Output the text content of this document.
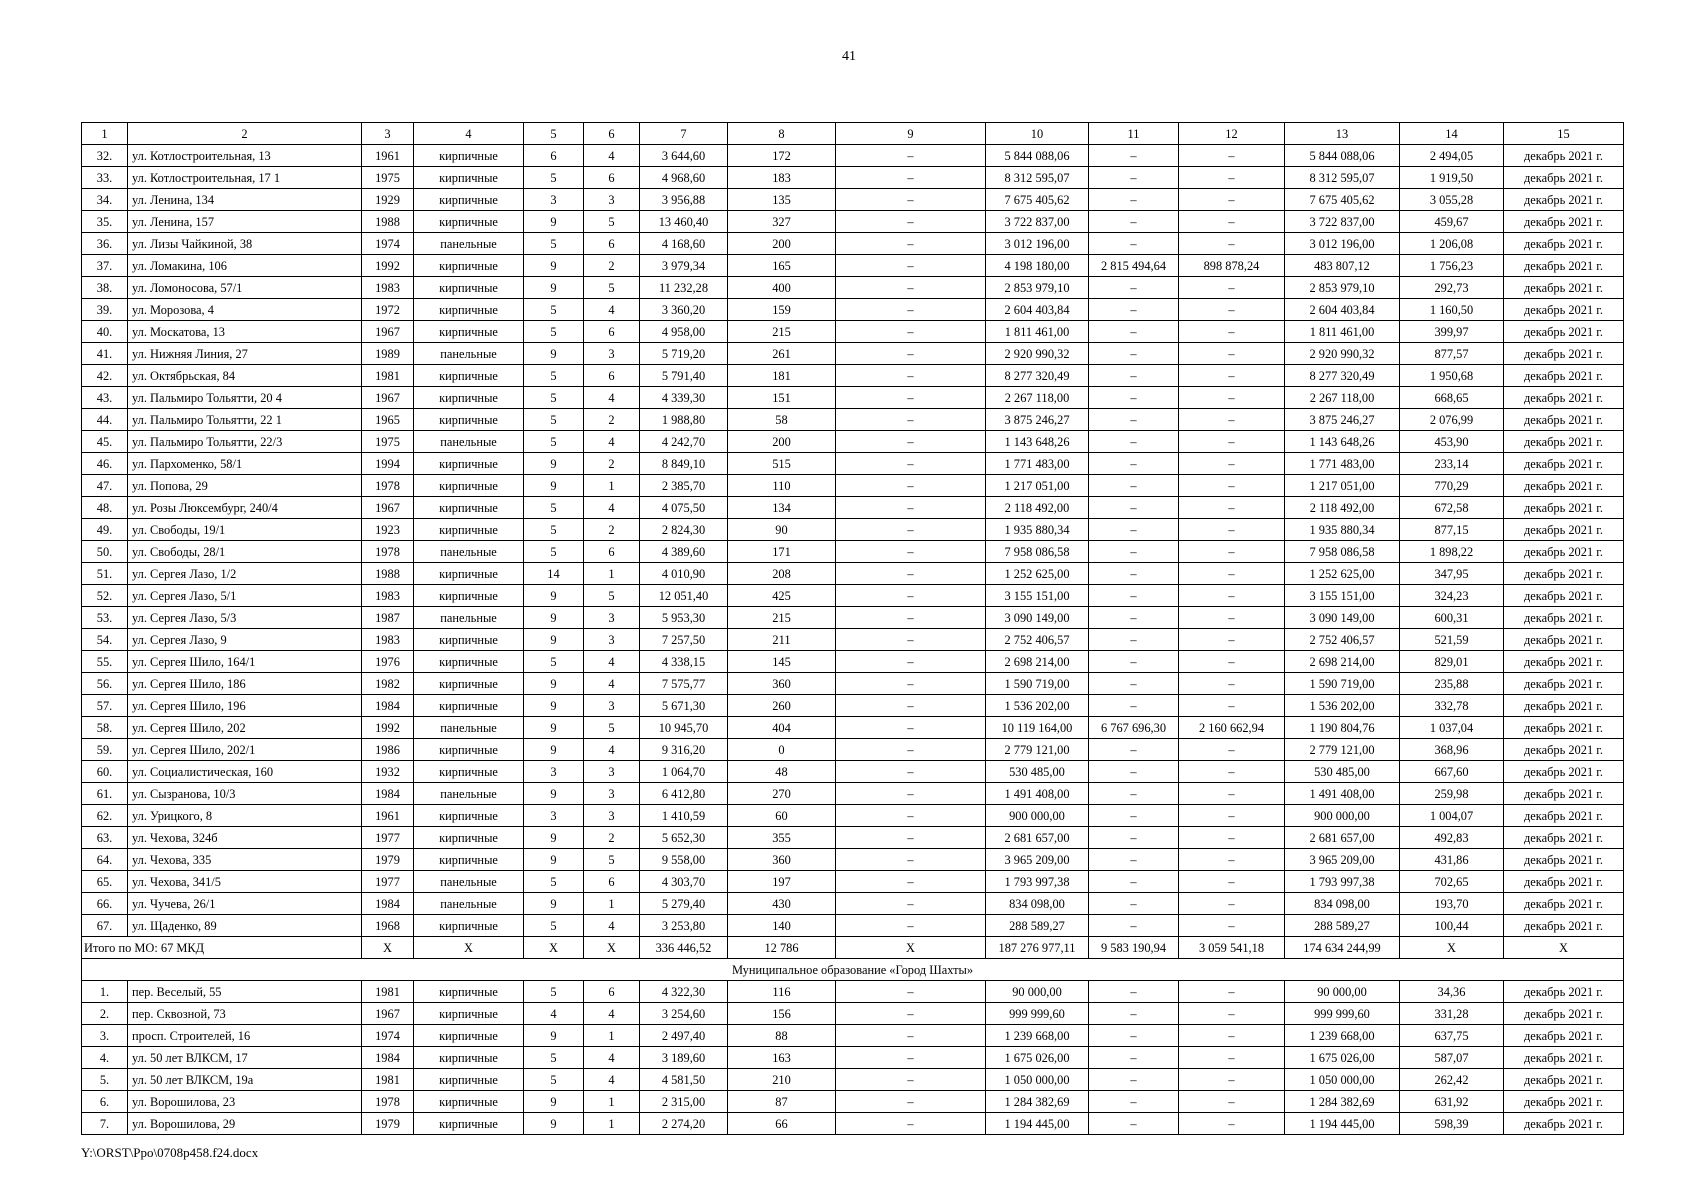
41
1	2	3	4	5	6	7	8	9	10	11	12	13	14	15
32.	ул. Котлостроительная, 13	1961	кирпичные	6	4	3 644,60	172	–	5 844 088,06	–	–	5 844 088,06	2 494,05	декабрь 2021 г.
33.	ул. Котлостроительная, 17 1	1975	кирпичные	5	6	4 968,60	183	–	8 312 595,07	–	–	8 312 595,07	1 919,50	декабрь 2021 г.
34.	ул. Ленина, 134	1929	кирпичные	3	3	3 956,88	135	–	7 675 405,62	–	–	7 675 405,62	3 055,28	декабрь 2021 г.
35.	ул. Ленина, 157	1988	кирпичные	9	5	13 460,40	327	–	3 722 837,00	–	–	3 722 837,00	459,67	декабрь 2021 г.
36.	ул. Лизы Чайкиной, 38	1974	панельные	5	6	4 168,60	200	–	3 012 196,00	–	–	3 012 196,00	1 206,08	декабрь 2021 г.
37.	ул. Ломакина, 106	1992	кирпичные	9	2	3 979,34	165	–	4 198 180,00	2 815 494,64	898 878,24	483 807,12	1 756,23	декабрь 2021 г.
38.	ул. Ломоносова, 57/1	1983	кирпичные	9	5	11 232,28	400	–	2 853 979,10	–	–	2 853 979,10	292,73	декабрь 2021 г.
39.	ул. Морозова, 4	1972	кирпичные	5	4	3 360,20	159	–	2 604 403,84	–	–	2 604 403,84	1 160,50	декабрь 2021 г.
40.	ул. Москатова, 13	1967	кирпичные	5	6	4 958,00	215	–	1 811 461,00	–	–	1 811 461,00	399,97	декабрь 2021 г.
41.	ул. Нижняя Линия, 27	1989	панельные	9	3	5 719,20	261	–	2 920 990,32	–	–	2 920 990,32	877,57	декабрь 2021 г.
42.	ул. Октябрьская, 84	1981	кирпичные	5	6	5 791,40	181	–	8 277 320,49	–	–	8 277 320,49	1 950,68	декабрь 2021 г.
43.	ул. Пальмиро Тольятти, 20 4	1967	кирпичные	5	4	4 339,30	151	–	2 267 118,00	–	–	2 267 118,00	668,65	декабрь 2021 г.
44.	ул. Пальмиро Тольятти, 22 1	1965	кирпичные	5	2	1 988,80	58	–	3 875 246,27	–	–	3 875 246,27	2 076,99	декабрь 2021 г.
45.	ул. Пальмиро Тольятти, 22/3	1975	панельные	5	4	4 242,70	200	–	1 143 648,26	–	–	1 143 648,26	453,90	декабрь 2021 г.
46.	ул. Пархоменко, 58/1	1994	кирпичные	9	2	8 849,10	515	–	1 771 483,00	–	–	1 771 483,00	233,14	декабрь 2021 г.
47.	ул. Попова, 29	1978	кирпичные	9	1	2 385,70	110	–	1 217 051,00	–	–	1 217 051,00	770,29	декабрь 2021 г.
48.	ул. Розы Люксембург, 240/4	1967	кирпичные	5	4	4 075,50	134	–	2 118 492,00	–	–	2 118 492,00	672,58	декабрь 2021 г.
49.	ул. Свободы, 19/1	1923	кирпичные	5	2	2 824,30	90	–	1 935 880,34	–	–	1 935 880,34	877,15	декабрь 2021 г.
50.	ул. Свободы, 28/1	1978	панельные	5	6	4 389,60	171	–	7 958 086,58	–	–	7 958 086,58	1 898,22	декабрь 2021 г.
51.	ул. Сергея Лазо, 1/2	1988	кирпичные	14	1	4 010,90	208	–	1 252 625,00	–	–	1 252 625,00	347,95	декабрь 2021 г.
52.	ул. Сергея Лазо, 5/1	1983	кирпичные	9	5	12 051,40	425	–	3 155 151,00	–	–	3 155 151,00	324,23	декабрь 2021 г.
53.	ул. Сергея Лазо, 5/3	1987	панельные	9	3	5 953,30	215	–	3 090 149,00	–	–	3 090 149,00	600,31	декабрь 2021 г.
54.	ул. Сергея Лазо, 9	1983	кирпичные	9	3	7 257,50	211	–	2 752 406,57	–	–	2 752 406,57	521,59	декабрь 2021 г.
55.	ул. Сергея Шило, 164/1	1976	кирпичные	5	4	4 338,15	145	–	2 698 214,00	–	–	2 698 214,00	829,01	декабрь 2021 г.
56.	ул. Сергея Шило, 186	1982	кирпичные	9	4	7 575,77	360	–	1 590 719,00	–	–	1 590 719,00	235,88	декабрь 2021 г.
57.	ул. Сергея Шило, 196	1984	кирпичные	9	3	5 671,30	260	–	1 536 202,00	–	–	1 536 202,00	332,78	декабрь 2021 г.
58.	ул. Сергея Шило, 202	1992	панельные	9	5	10 945,70	404	–	10 119 164,00	6 767 696,30	2 160 662,94	1 190 804,76	1 037,04	декабрь 2021 г.
59.	ул. Сергея Шило, 202/1	1986	кирпичные	9	4	9 316,20	0	–	2 779 121,00	–	–	2 779 121,00	368,96	декабрь 2021 г.
60.	ул. Социалистическая, 160	1932	кирпичные	3	3	1 064,70	48	–	530 485,00	–	–	530 485,00	667,60	декабрь 2021 г.
61.	ул. Сызранова, 10/3	1984	панельные	9	3	6 412,80	270	–	1 491 408,00	–	–	1 491 408,00	259,98	декабрь 2021 г.
62.	ул. Урицкого, 8	1961	кирпичные	3	3	1 410,59	60	–	900 000,00	–	–	900 000,00	1 004,07	декабрь 2021 г.
63.	ул. Чехова, 324б	1977	кирпичные	9	2	5 652,30	355	–	2 681 657,00	–	–	2 681 657,00	492,83	декабрь 2021 г.
64.	ул. Чехова, 335	1979	кирпичные	9	5	9 558,00	360	–	3 965 209,00	–	–	3 965 209,00	431,86	декабрь 2021 г.
65.	ул. Чехова, 341/5	1977	панельные	5	6	4 303,70	197	–	1 793 997,38	–	–	1 793 997,38	702,65	декабрь 2021 г.
66.	ул. Чучева, 26/1	1984	панельные	9	1	5 279,40	430	–	834 098,00	–	–	834 098,00	193,70	декабрь 2021 г.
67.	ул. Щаденко, 89	1968	кирпичные	5	4	3 253,80	140	–	288 589,27	–	–	288 589,27	100,44	декабрь 2021 г.
Итого по МО: 67 МКД		Х	Х	Х	Х	336 446,52	12 786	Х	187 276 977,11	9 583 190,94	3 059 541,18	174 634 244,99	Х	Х
Муниципальное образование «Город Шахты»														
1.	пер. Веселый, 55	1981	кирпичные	5	6	4 322,30	116	–	90 000,00	–	–	90 000,00	34,36	декабрь 2021 г.
2.	пер. Сквозной, 73	1967	кирпичные	4	4	3 254,60	156	–	999 999,60	–	–	999 999,60	331,28	декабрь 2021 г.
3.	просп. Строителей, 16	1974	кирпичные	9	1	2 497,40	88	–	1 239 668,00	–	–	1 239 668,00	637,75	декабрь 2021 г.
4.	ул. 50 лет ВЛКСМ, 17	1984	кирпичные	5	4	3 189,60	163	–	1 675 026,00	–	–	1 675 026,00	587,07	декабрь 2021 г.
5.	ул. 50 лет ВЛКСМ, 19а	1981	кирпичные	5	4	4 581,50	210	–	1 050 000,00	–	–	1 050 000,00	262,42	декабрь 2021 г.
6.	ул. Ворошилова, 23	1978	кирпичные	9	1	2 315,00	87	–	1 284 382,69	–	–	1 284 382,69	631,92	декабрь 2021 г.
7.	ул. Ворошилова, 29	1979	кирпичные	9	1	2 274,20	66	–	1 194 445,00	–	–	1 194 445,00	598,39	декабрь 2021 г.
Y:\ORST\Ppo\0708p458.f24.docx
